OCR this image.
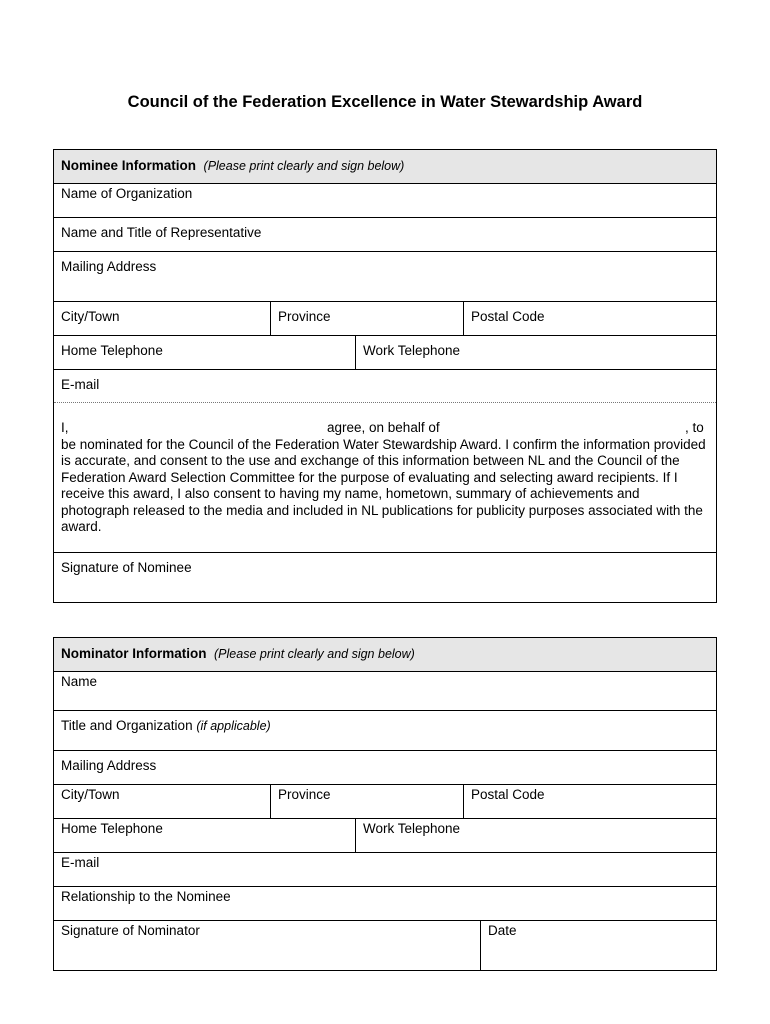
Council of the Federation Excellence in Water Stewardship Award
Nominee Information (Please print clearly and sign below)
Name of Organization
Name and Title of Representative
Mailing Address
City/Town	Province	Postal Code
Home Telephone	Work Telephone
E-mail
I,	agree, on behalf of	, to
be nominated for the Council of the Federation Water Stewardship Award. I confirm the information provided is accurate, and consent to the use and exchange of this information between NL and the Council of the Federation Award Selection Committee for the purpose of evaluating and selecting award recipients. If I receive this award, I also consent to having my name, hometown, summary of achievements and photograph released to the media and included in NL publications for publicity purposes associated with the award.
Signature of Nominee
Nominator Information (Please print clearly and sign below)
Name
Title and Organization (if applicable)
Mailing Address
City/Town	Province	Postal Code
Home Telephone	Work Telephone
E-mail
Relationship to the Nominee
Signature of Nominator	Date
